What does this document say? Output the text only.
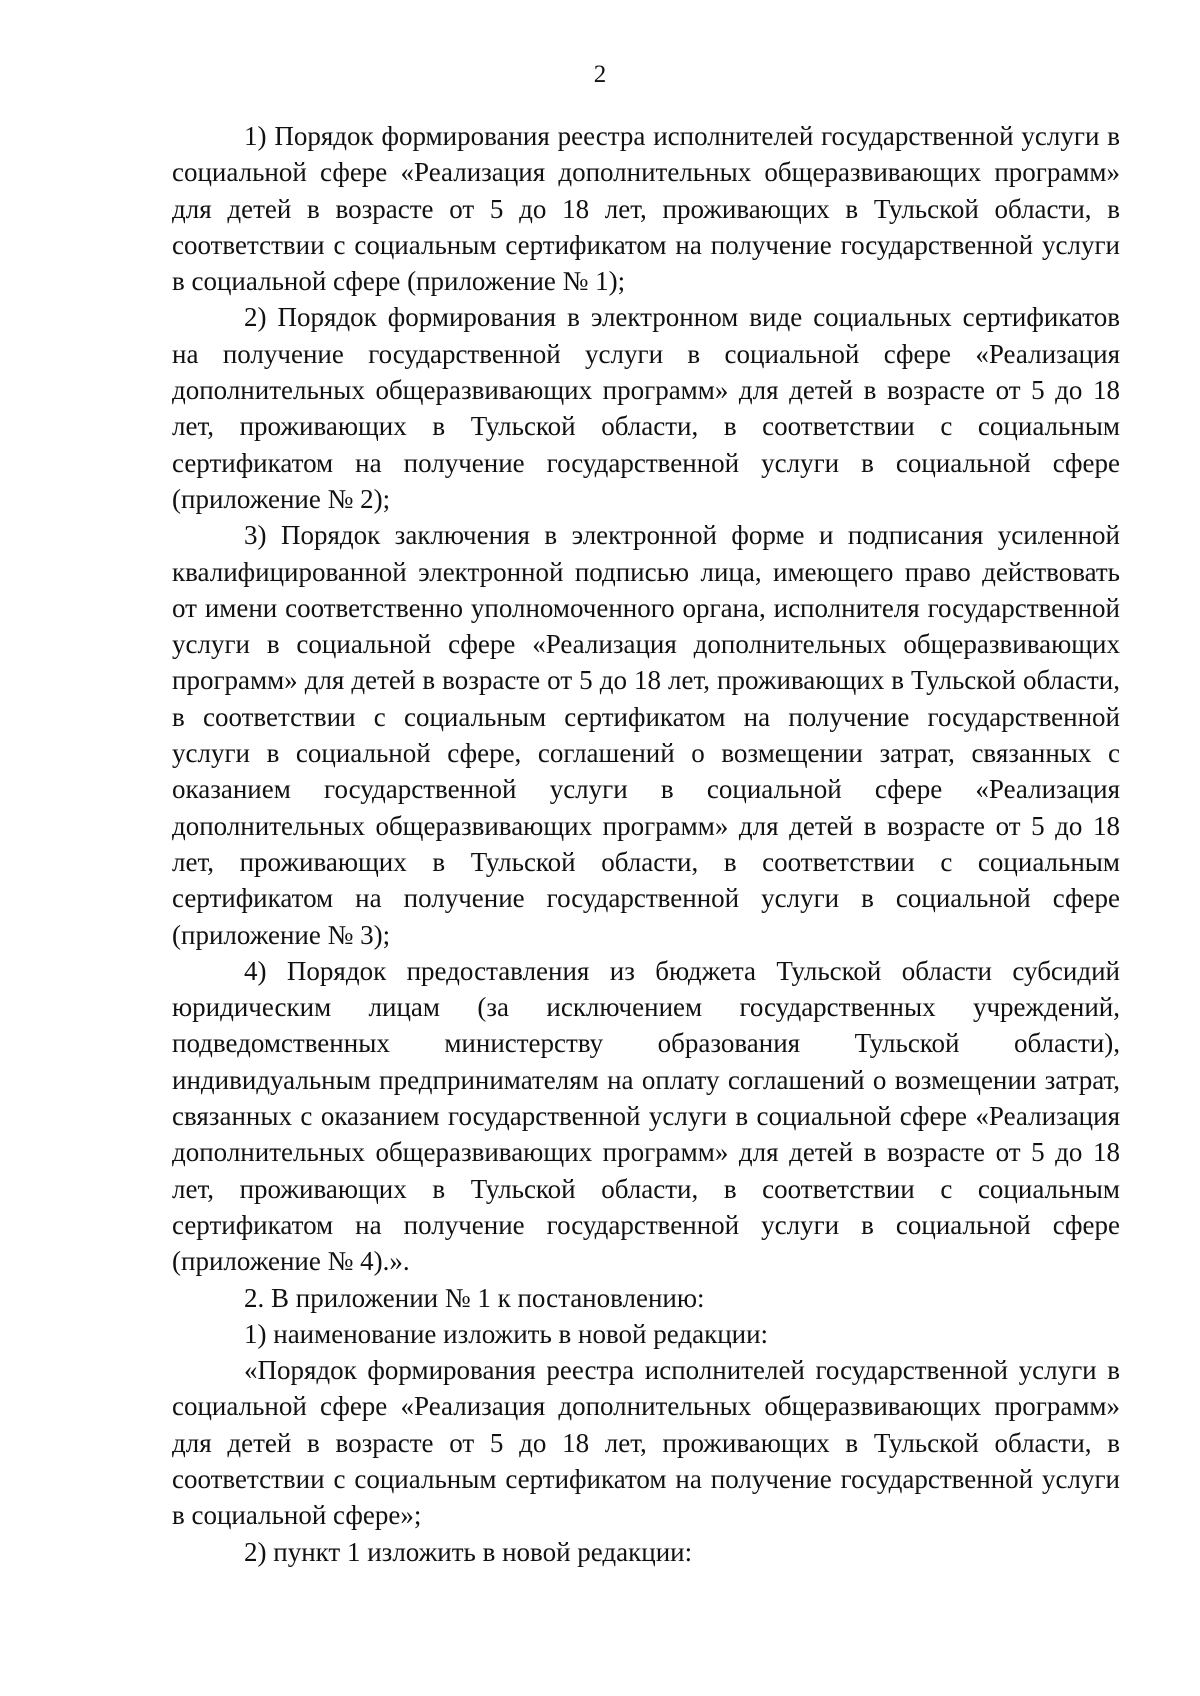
2

1) Порядок формирования реестра исполнителей государственной услуги в социальной сфере «Реализация дополнительных общеразвивающих программ» для детей в возрасте от 5 до 18 лет, проживающих в Тульской области, в соответствии с социальным сертификатом на получение государственной услуги в социальной сфере (приложение № 1);

2) Порядок формирования в электронном виде социальных сертификатов на получение государственной услуги в социальной сфере «Реализация дополнительных общеразвивающих программ» для детей в возрасте от 5 до 18 лет, проживающих в Тульской области, в соответствии с социальным сертификатом на получение государственной услуги в социальной сфере (приложение № 2);

3) Порядок заключения в электронной форме и подписания усиленной квалифицированной электронной подписью лица, имеющего право действовать от имени соответственно уполномоченного органа, исполнителя государственной услуги в социальной сфере «Реализация дополнительных общеразвивающих программ» для детей в возрасте от 5 до 18 лет, проживающих в Тульской области, в соответствии с социальным сертификатом на получение государственной услуги в социальной сфере, соглашений о возмещении затрат, связанных с оказанием государственной услуги в социальной сфере «Реализация дополнительных общеразвивающих программ» для детей в возрасте от 5 до 18 лет, проживающих в Тульской области, в соответствии с социальным сертификатом на получение государственной услуги в социальной сфере (приложение № 3);

4) Порядок предоставления из бюджета Тульской области субсидий юридическим лицам (за исключением государственных учреждений, подведомственных министерству образования Тульской области), индивидуальным предпринимателям на оплату соглашений о возмещении затрат, связанных с оказанием государственной услуги в социальной сфере «Реализация дополнительных общеразвивающих программ» для детей в возрасте от 5 до 18 лет, проживающих в Тульской области, в соответствии с социальным сертификатом на получение государственной услуги в социальной сфере (приложение № 4).».

2. В приложении № 1 к постановлению:

1) наименование изложить в новой редакции:

«Порядок формирования реестра исполнителей государственной услуги в социальной сфере «Реализация дополнительных общеразвивающих программ» для детей в возрасте от 5 до 18 лет, проживающих в Тульской области, в соответствии с социальным сертификатом на получение государственной услуги в социальной сфере»;

2) пункт 1 изложить в новой редакции:
